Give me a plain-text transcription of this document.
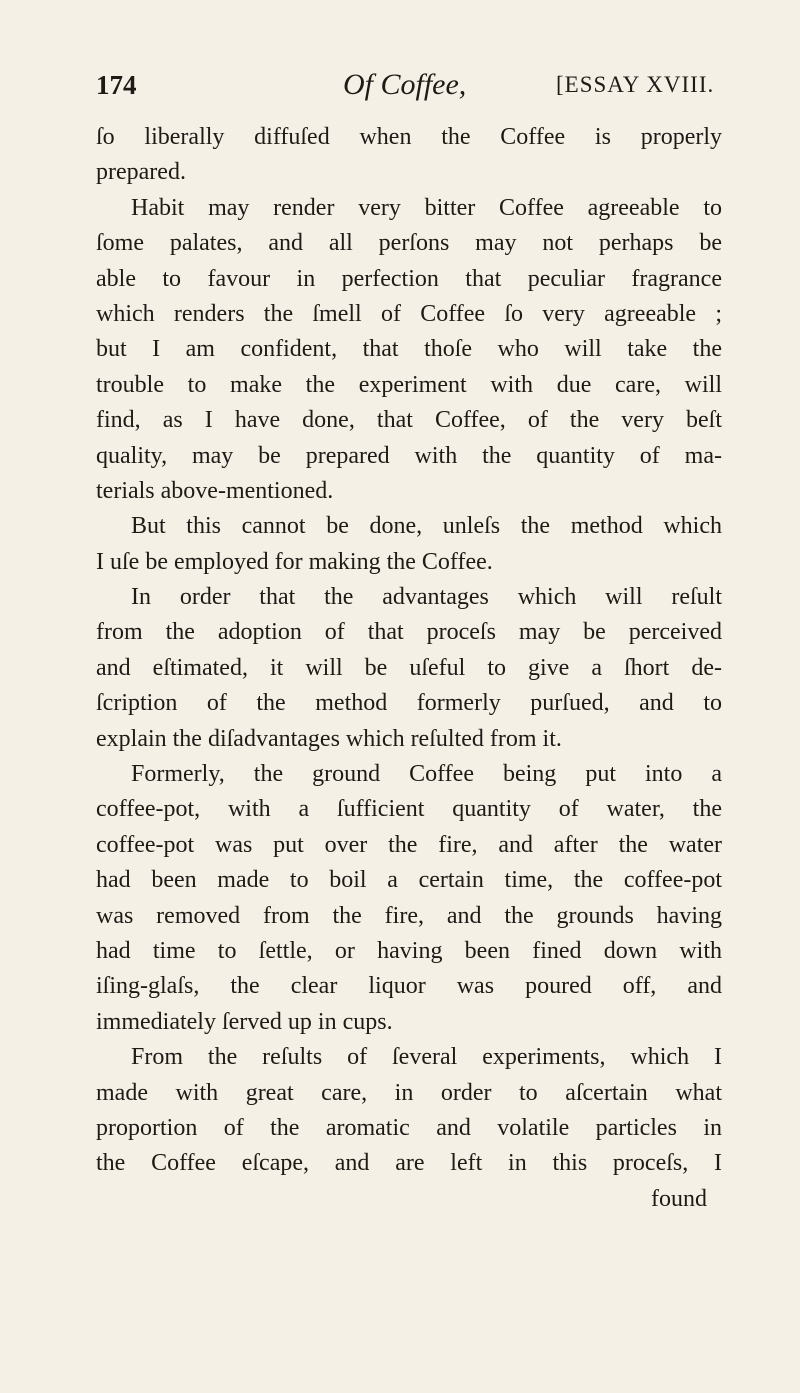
174	Of Coffee,	[ESSAY XVIII.
ſo liberally diffuſed when the Coffee is properly
prepared.
Habit may render very bitter Coffee agreeable to
ſome palates, and all perſons may not perhaps be
able to favour in perfection that peculiar fragrance
which renders the ſmell of Coffee ſo very agreeable ;
but I am confident, that thoſe who will take the
trouble to make the experiment with due care, will
find, as I have done, that Coffee, of the very beſt
quality, may be prepared with the quantity of ma-
terials above-mentioned.
But this cannot be done, unleſs the method which
I uſe be employed for making the Coffee.
In order that the advantages which will reſult
from the adoption of that proceſs may be perceived
and eſtimated, it will be uſeful to give a ſhort de-
ſcription of the method formerly purſued, and to
explain the diſadvantages which reſulted from it.
Formerly, the ground Coffee being put into a
coffee-pot, with a ſufficient quantity of water, the
coffee-pot was put over the fire, and after the water
had been made to boil a certain time, the coffee-pot
was removed from the fire, and the grounds having
had time to ſettle, or having been fined down with
iſing-glaſs, the clear liquor was poured off, and
immediately ſerved up in cups.
From the reſults of ſeveral experiments, which I
made with great care, in order to aſcertain what
proportion of the aromatic and volatile particles in
the Coffee eſcape, and are left in this proceſs, I
found
